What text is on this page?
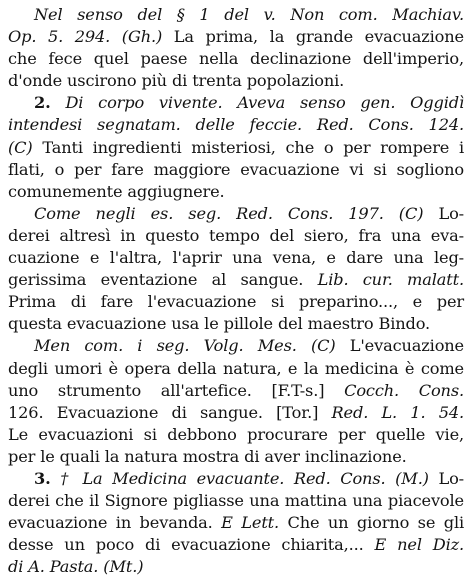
Nel senso del § 1 del v. Non com. Machiav.
Op. 5. 294. (Gh.) La prima, la grande evacuazione
che fece quel paese nella declinazione dell'imperio,
d'onde uscirono più di trenta popolazioni.
2. Di corpo vivente. Aveva senso gen. Oggidì
intendesi segnatam. delle feccie. Red. Cons. 124.
(C) Tanti ingredienti misteriosi, che o per rompere i
flati, o per fare maggiore evacuazione vi si sogliono
comunemente aggiugnere.
Come negli es. seg. Red. Cons. 197. (C) Lo-
derei altresì in questo tempo del siero, fra una eva-
cuazione e l'altra, l'aprir una vena, e dare una leg-
gerissima eventazione al sangue. Lib. cur. malatt.
Prima di fare l'evacuazione si preparino..., e per
questa evacuazione usa le pillole del maestro Bindo.
Men com. i seg. Volg. Mes. (C) L'evacuazione
degli umori è opera della natura, e la medicina è come
uno strumento all'artefice. [F.T-s.] Cocch. Cons.
126. Evacuazione di sangue. [Tor.] Red. L. 1. 54.
Le evacuazioni si debbono procurare per quelle vie,
per le quali la natura mostra di aver inclinazione.
3. † La Medicina evacuante. Red. Cons. (M.) Lo-
derei che il Signore pigliasse una mattina una piacevole
evacuazione in bevanda. E Lett. Che un giorno se gli
desse un poco di evacuazione chiarita,... E nel Diz.
di A. Pasta. (Mt.)
